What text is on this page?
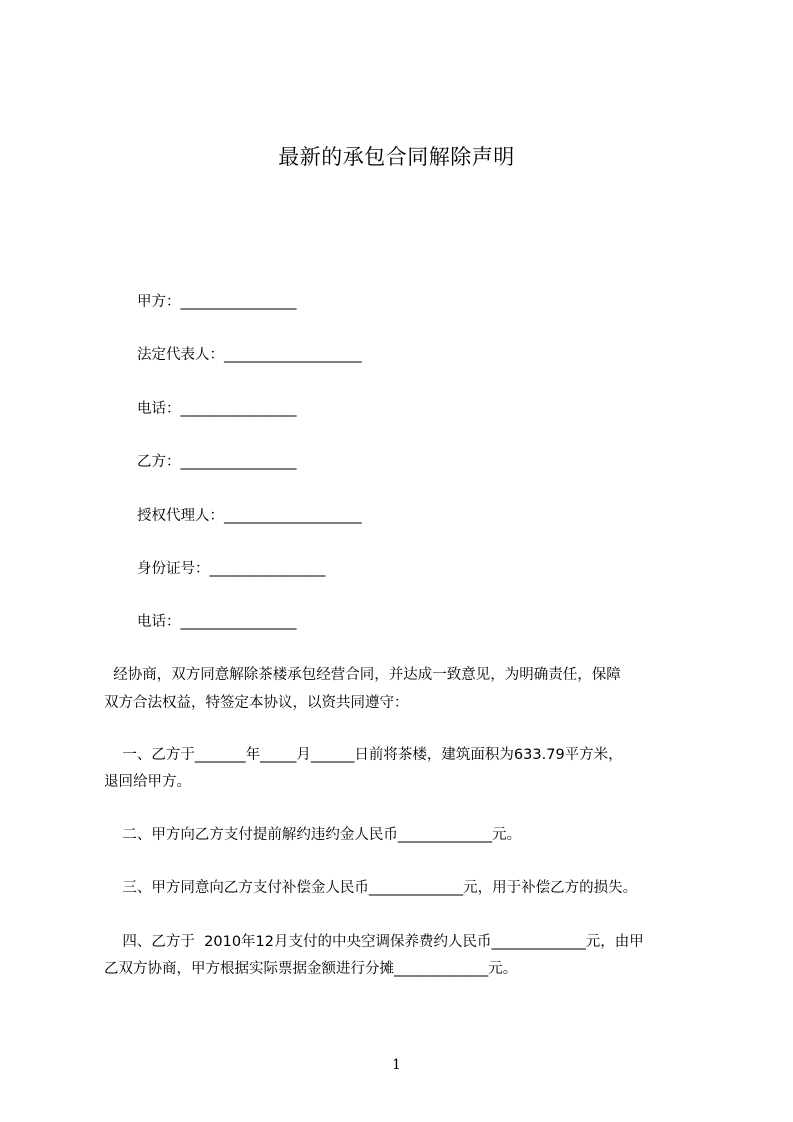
最新的承包合同解除声明
甲方：________________
法定代表人：___________________
电话：________________
乙方：________________
授权代理人：___________________
身份证号：________________
电话：________________
经协商，双方同意解除茶楼承包经营合同，并达成一致意见，为明确责任，保障
双方合法权益，特签定本协议，以资共同遵守：
一、乙方于_______年_____月______日前将茶楼，建筑面积为633.79平方米，
退回给甲方。
二、甲方向乙方支付提前解约违约金人民币_____________元。
三、甲方同意向乙方支付补偿金人民币_____________元，用于补偿乙方的损失。
四、乙方于  2010年12月支付的中央空调保养费约人民币_____________元，由甲
乙双方协商，甲方根据实际票据金额进行分摊_____________元。
1
